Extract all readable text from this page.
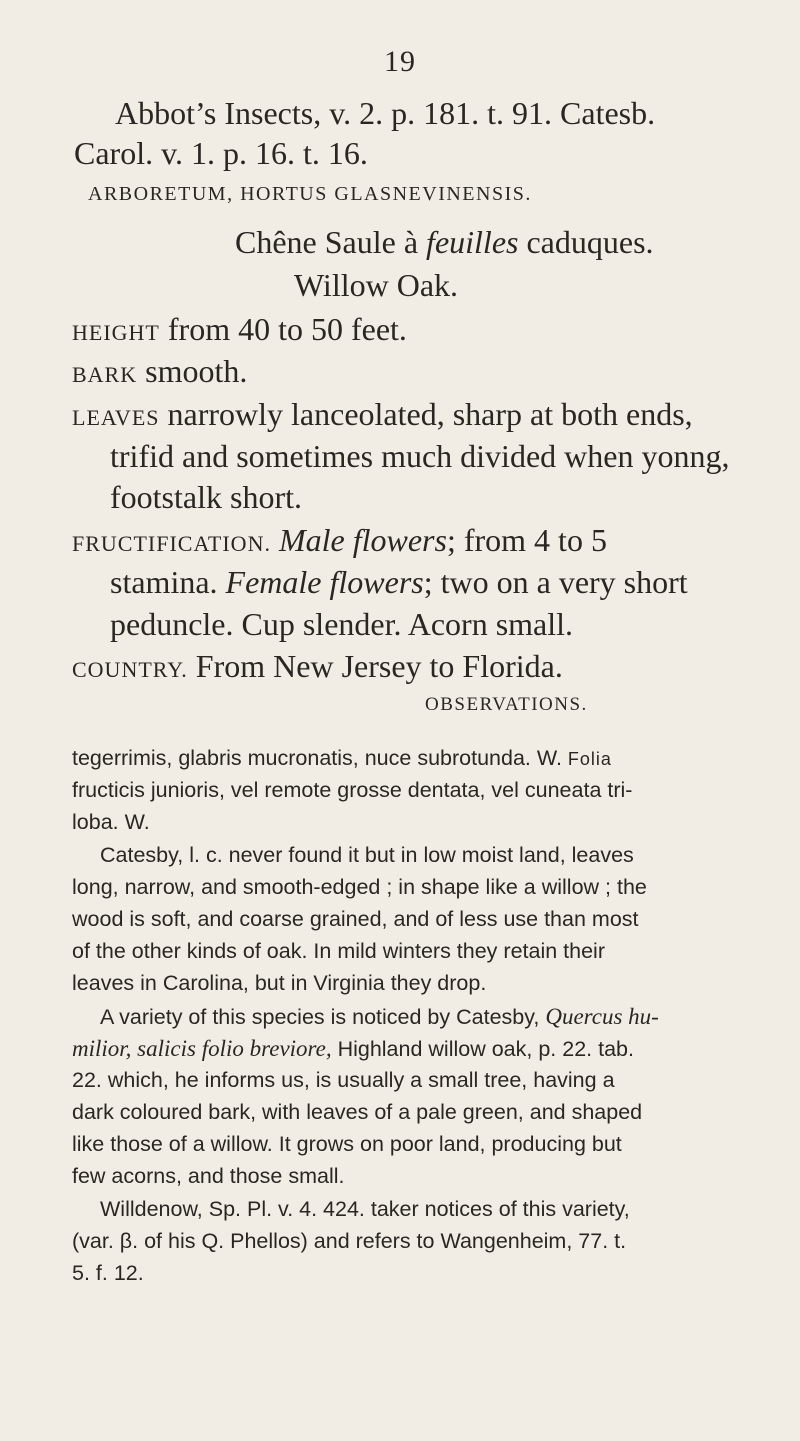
19
Abbot’s Insects, v. 2. p. 181. t. 91. Catesb.
Carol. v. 1. p. 16. t. 16.
ARBORETUM, HORTUS GLASNEVINENSIS.
Chêne Saule à feuilles caduques.
Willow Oak.
HEIGHT from 40 to 50 feet.
BARK smooth.
LEAVES narrowly lanceolated, sharp at both ends,
trifid and sometimes much divided when yonng,
footstalk short.
FRUCTIFICATION. Male flowers; from 4 to 5
stamina. Female flowers; two on a very short
peduncle. Cup slender. Acorn small.
COUNTRY. From New Jersey to Florida.
OBSERVATIONS.
tegerrimis, glabris mucronatis, nuce subrotunda. W. Folia
fructicis junioris, vel remote grosse dentata, vel cuneata tri-
loba. W.
Catesby, l. c. never found it but in low moist land, leaves
long, narrow, and smooth-edged ; in shape like a willow ; the
wood is soft, and coarse grained, and of less use than most
of the other kinds of oak. In mild winters they retain their
leaves in Carolina, but in Virginia they drop.
A variety of this species is noticed by Catesby, Quercus hu-
milior, salicis folio breviore, Highland willow oak, p. 22. tab.
22. which, he informs us, is usually a small tree, having a
dark coloured bark, with leaves of a pale green, and shaped
like those of a willow. It grows on poor land, producing but
few acorns, and those small.
Willdenow, Sp. Pl. v. 4. 424. taker notices of this variety,
(var. β. of his Q. Phellos) and refers to Wangenheim, 77. t.
5. f. 12.
